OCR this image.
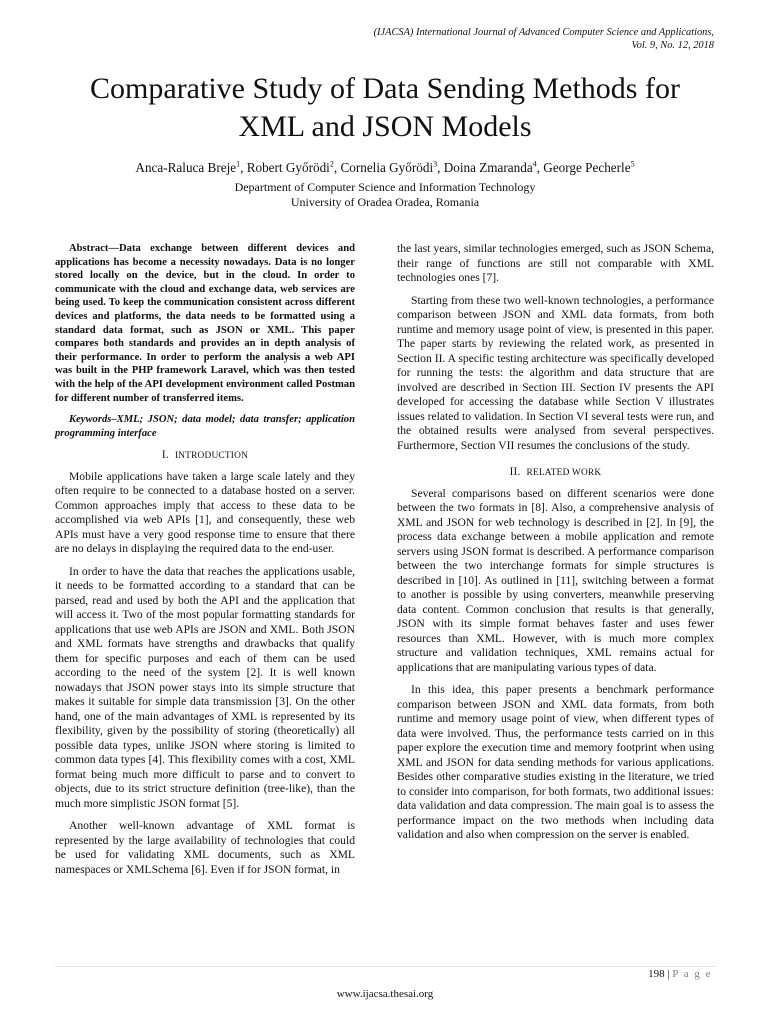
(IJACSA) International Journal of Advanced Computer Science and Applications,
Vol. 9, No. 12, 2018
Comparative Study of Data Sending Methods for
XML and JSON Models
Anca-Raluca Breje$^1$, Robert Győrödi$^2$, Cornelia Győrödi$^3$, Doina Zmaranda$^4$, George Pecherle$^5$
Department of Computer Science and Information Technology
University of Oradea Oradea, Romania

Abstract—Data exchange between different devices and applications has become a necessity nowadays. Data is no longer stored locally on the device, but in the cloud. In order to communicate with the cloud and exchange data, web services are being used. To keep the communication consistent across different devices and platforms, the data needs to be formatted using a standard data format, such as JSON or XML. This paper compares both standards and provides an in depth analysis of their performance. In order to perform the analysis a web API was built in the PHP framework Laravel, which was then tested with the help of the API development environment called Postman for different number of transferred items.

Keywords–XML; JSON; data model; data transfer; application programming interface

I. INTRODUCTION

Mobile applications have taken a large scale lately and they often require to be connected to a database hosted on a server. Common approaches imply that access to these data to be accomplished via web APIs [1], and consequently, these web APIs must have a very good response time to ensure that there are no delays in displaying the required data to the end-user.

In order to have the data that reaches the applications usable, it needs to be formatted according to a standard that can be parsed, read and used by both the API and the application that will access it. Two of the most popular formatting standards for applications that use web APIs are JSON and XML. Both JSON and XML formats have strengths and drawbacks that qualify them for specific purposes and each of them can be used according to the need of the system [2]. It is well known nowadays that JSON power stays into its simple structure that makes it suitable for simple data transmission [3]. On the other hand, one of the main advantages of XML is represented by its flexibility, given by the possibility of storing (theoretically) all possible data types, unlike JSON where storing is limited to common data types [4]. This flexibility comes with a cost, XML format being much more difficult to parse and to convert to objects, due to its strict structure definition (tree-like), than the much more simplistic JSON format [5].

Another well-known advantage of XML format is represented by the large availability of technologies that could be used for validating XML documents, such as XML namespaces or XMLSchema [6]. Even if for JSON format, in

the last years, similar technologies emerged, such as JSON Schema, their range of functions are still not comparable with XML technologies ones [7].

Starting from these two well-known technologies, a performance comparison between JSON and XML data formats, from both runtime and memory usage point of view, is presented in this paper. The paper starts by reviewing the related work, as presented in Section II. A specific testing architecture was specifically developed for running the tests: the algorithm and data structure that are involved are described in Section III. Section IV presents the API developed for accessing the database while Section V illustrates issues related to validation. In Section VI several tests were run, and the obtained results were analysed from several perspectives. Furthermore, Section VII resumes the conclusions of the study.

II. RELATED WORK

Several comparisons based on different scenarios were done between the two formats in [8]. Also, a comprehensive analysis of XML and JSON for web technology is described in [2]. In [9], the process data exchange between a mobile application and remote servers using JSON format is described. A performance comparison between the two interchange formats for simple structures is described in [10]. As outlined in [11], switching between a format to another is possible by using converters, meanwhile preserving data content. Common conclusion that results is that generally, JSON with its simple format behaves faster and uses fewer resources than XML. However, with is much more complex structure and validation techniques, XML remains actual for applications that are manipulating various types of data.

In this idea, this paper presents a benchmark performance comparison between JSON and XML data formats, from both runtime and memory usage point of view, when different types of data were involved. Thus, the performance tests carried on in this paper explore the execution time and memory footprint when using XML and JSON for data sending methods for various applications. Besides other comparative studies existing in the literature, we tried to consider into comparison, for both formats, two additional issues: data validation and data compression. The main goal is to assess the performance impact on the two methods when including data validation and also when compression on the server is enabled.

198 | P a g e
www.ijacsa.thesai.org
